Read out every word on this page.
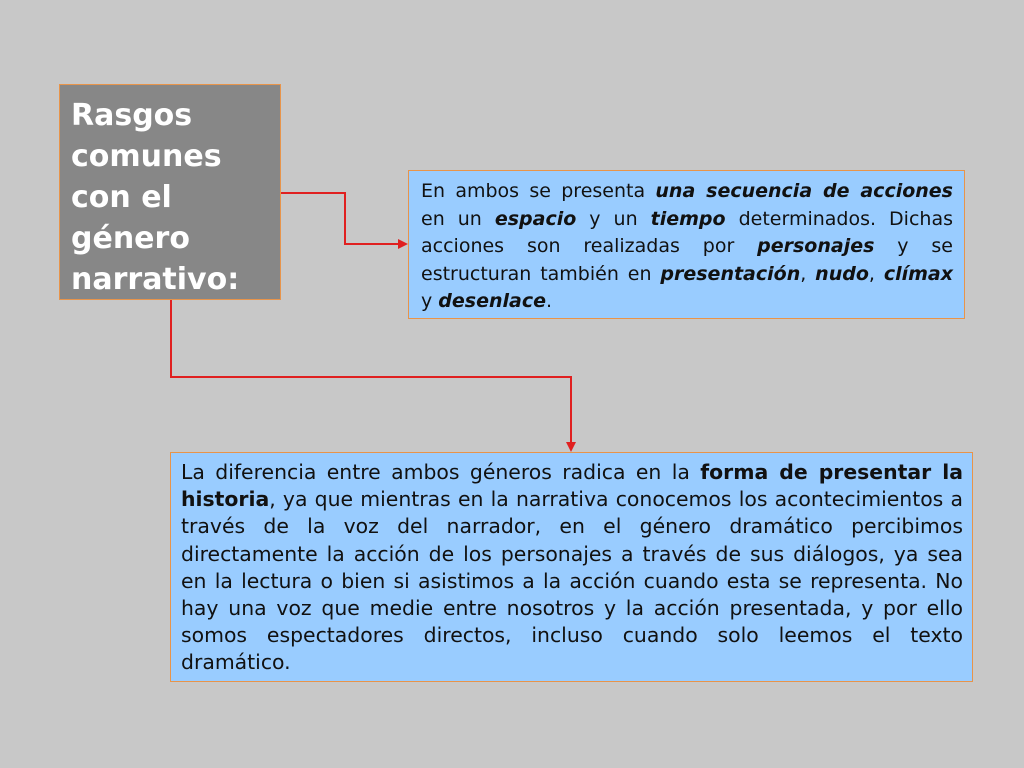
Rasgos
comunes
con el
género
narrativo:
En ambos se presenta una secuencia de acciones en un espacio y un tiempo determinados. Dichas acciones son realizadas por personajes y se estructuran también en presentación, nudo, clímax y desenlace.
La diferencia entre ambos géneros radica en la forma de presentar la historia, ya que mientras en la narrativa conocemos los acontecimientos a través de la voz del narrador, en el género dramático percibimos directamente la acción de los personajes a través de sus diálogos, ya sea en la lectura o bien si asistimos a la acción cuando esta se representa. No hay una voz que medie entre nosotros y la acción presentada, y por ello somos espectadores directos, incluso cuando solo leemos el texto dramático.
